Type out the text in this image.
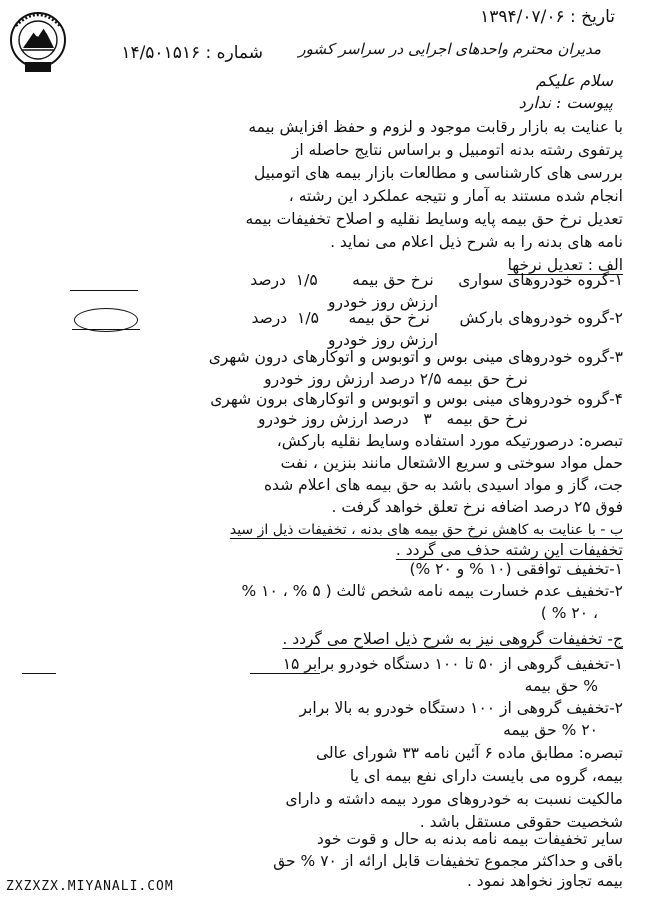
تاریخ : ۱۳۹۴/۰۷/۰۶
شماره : ۱۴/۵۰۱۵۱۶ مدیران محترم واحدهای اجرایی در سراسر کشور
سلام علیکم
پیوست : ندارد
با عنایت به بازار رقابت موجود و لزوم و حفظ افزایش بیمه
پرتفوی رشته بدنه اتومبیل و براساس نتایج حاصله از
بررسی های کارشناسی و مطالعات بازار بیمه های اتومبیل
انجام شده مستند به آمار و نتیجه عملکرد این رشته ،
تعدیل نرخ حق بیمه پایه وسایط نقلیه و اصلاح تخفیفات بیمه
نامه های بدنه را به شرح ذیل اعلام می نماید .
الف : تعدیل نرخها
۱-گروه خودروهای سواری     نرخ حق بیمه       ۱/۵  درصد
ارزش روز خودرو
۲-گروه خودروهای بارکش      نرخ حق بیمه      ۱/۵  درصد
ارزش روز خودرو
۳-گروه خودروهای مینی بوس و اتوبوس و اتوکارهای درون شهری
نرخ حق بیمه ۲/۵ درصد ارزش روز خودرو
۴-گروه خودروهای مینی بوس و اتوبوس و اتوکارهای برون شهری
نرخ حق بیمه   ۳   درصد ارزش روز خودرو
تبصره: درصورتیکه مورد استفاده وسایط نقلیه بارکش،
حمل مواد سوختی و سریع الاشتعال مانند بنزین ، نفت
جت، گاز و مواد اسیدی باشد به حق بیمه های اعلام شده
فوق ۲۵ درصد اضافه نرخ تعلق خواهد گرفت .
ب - با عنایت به کاهش نرخ حق بیمه های بدنه ، تخفیفات ذیل از سید
تخفیفات این رشته حذف می گردد .
۱-تخفیف توافقی (۱۰ % و ۲۰ %)
۲-تخفیف عدم خسارت بیمه نامه شخص ثالث ( ۵ % ، ۱۰ %
، ۲۰ % )
ج- تخفیفات گروهی نیز به شرح ذیل اصلاح می گردد .
۱-تخفیف گروهی از ۵۰ تا ۱۰۰ دستگاه خودرو برابر ۱۵
% حق بیمه
۲-تخفیف گروهی از ۱۰۰ دستگاه خودرو به بالا برابر
۲۰ % حق بیمه
تبصره: مطابق ماده ۶ آئین نامه ۳۳ شورای عالی
بیمه، گروه می بایست دارای نفع بیمه ای یا
مالکیت نسبت به خودروهای مورد بیمه داشته و دارای
شخصیت حقوقی مستقل باشد .
سایر تخفیفات بیمه نامه بدنه به حال و قوت خود
باقی و حداکثر مجموع تخفیفات قابل ارائه از ۷۰ % حق
بیمه تجاوز نخواهد نمود .
ZXZXZX.MIYANALI.COM
